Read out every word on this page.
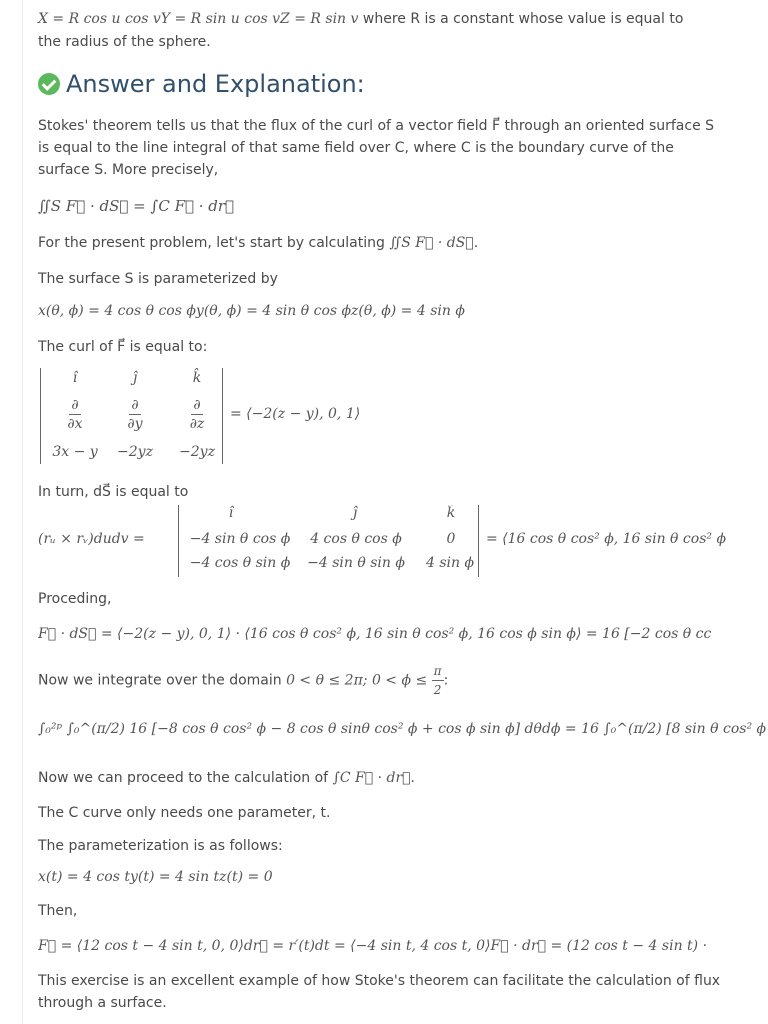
X = R cos u cos vY = R sin u cos vZ = R sin v where R is a constant whose value is equal to
the radius of the sphere.
Answer and Explanation:
Stokes' theorem tells us that the flux of the curl of a vector field F⃗ through an oriented surface S
is equal to the line integral of that same field over C, where C is the boundary curve of the
surface S. More precisely,
∬S F⃗ · dS⃗ = ∫C F⃗ · dr⃗
For the present problem, let's start by calculating ∬S F⃗ · dS⃗.
The surface S is parameterized by
x(θ, ϕ) = 4 cos θ cos ϕy(θ, ϕ) = 4 sin θ cos ϕz(θ, ϕ) = 4 sin ϕ
The curl of F⃗ is equal to:
î	ĵ	k̂
$\frac{\partial}{\partial x}$	$\frac{\partial}{\partial y}$	$\frac{\partial}{\partial z}$
3x − y	−2yz	−2yz
= ⟨−2(z − y), 0, 1⟩
In turn, dS⃗ is equal to
(rᵤ × rᵥ)dudv =
î	ĵ	k̂
−4 sin θ cos ϕ	4 cos θ cos ϕ	0
−4 cos θ sin ϕ	−4 sin θ sin ϕ	4 sin ϕ
= ⟨16 cos θ cos² ϕ, 16 sin θ cos² ϕ
Proceding,
F⃗ · dS⃗ = ⟨−2(z − y), 0, 1⟩ · ⟨16 cos θ cos² ϕ, 16 sin θ cos² ϕ, 16 cos ϕ sin ϕ⟩ = 16 [−2 cos θ cc
Now we integrate over the domain 0 < θ ≤ 2π; $0 < \phi \le \frac{\pi}{2}$ :
∫₀²ᵖ ∫₀^(π/2) 16 [−8 cos θ cos² ϕ − 8 cos θ sinθ cos² ϕ + cos ϕ sin ϕ] dθdϕ = 16 ∫₀^(π/2) [8 sin θ cos² ϕ
Now we can proceed to the calculation of ∫C F⃗ · dr⃗.
The C curve only needs one parameter, t.
The parameterization is as follows:
x(t) = 4 cos ty(t) = 4 sin tz(t) = 0
Then,
F⃗ = ⟨12 cos t − 4 sin t, 0, 0⟩dr⃗ = r′(t)dt = ⟨−4 sin t, 4 cos t, 0⟩F⃗ · dr⃗ = (12 cos t − 4 sin t) ·
This exercise is an excellent example of how Stoke's theorem can facilitate the calculation of flux
through a surface.
